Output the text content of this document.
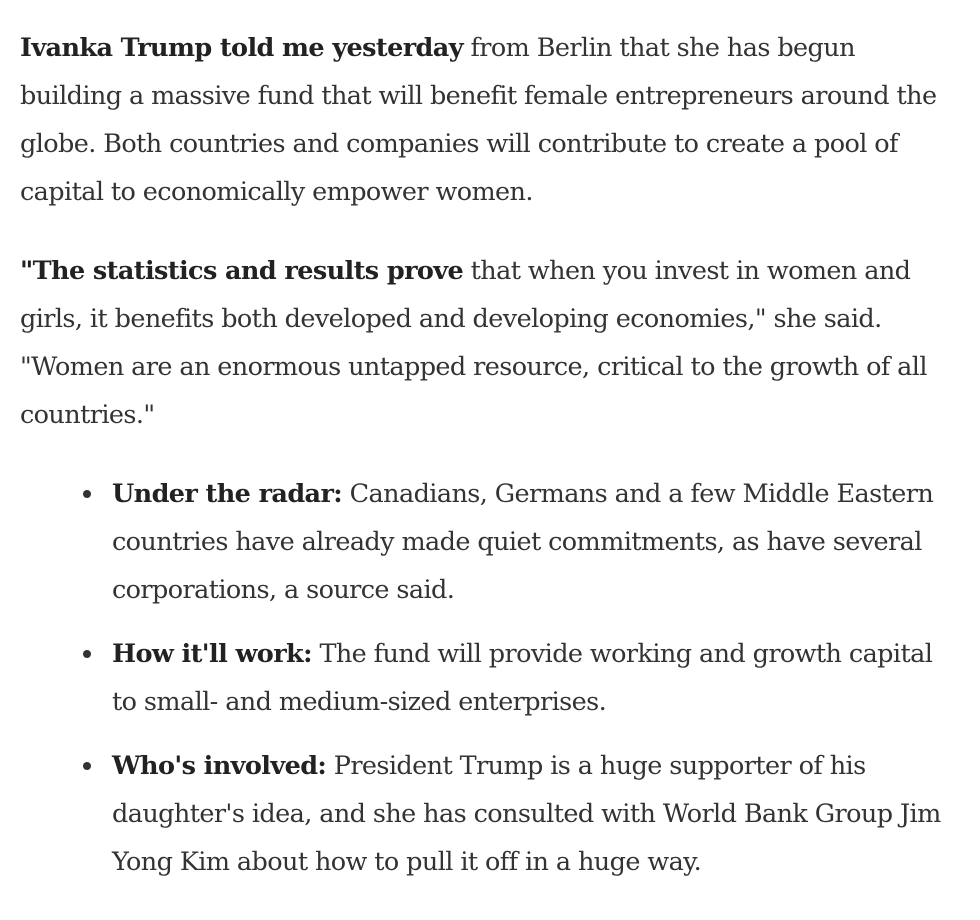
Ivanka Trump told me yesterday from Berlin that she has begun building a massive fund that will benefit female entrepreneurs around the globe. Both countries and companies will contribute to create a pool of capital to economically empower women.

"The statistics and results prove that when you invest in women and girls, it benefits both developed and developing economies," she said. "Women are an enormous untapped resource, critical to the growth of all countries."

Under the radar: Canadians, Germans and a few Middle Eastern countries have already made quiet commitments, as have several corporations, a source said.
How it'll work: The fund will provide working and growth capital to small- and medium-sized enterprises.
Who's involved: President Trump is a huge supporter of his daughter's idea, and she has consulted with World Bank Group Jim Yong Kim about how to pull it off in a huge way.
